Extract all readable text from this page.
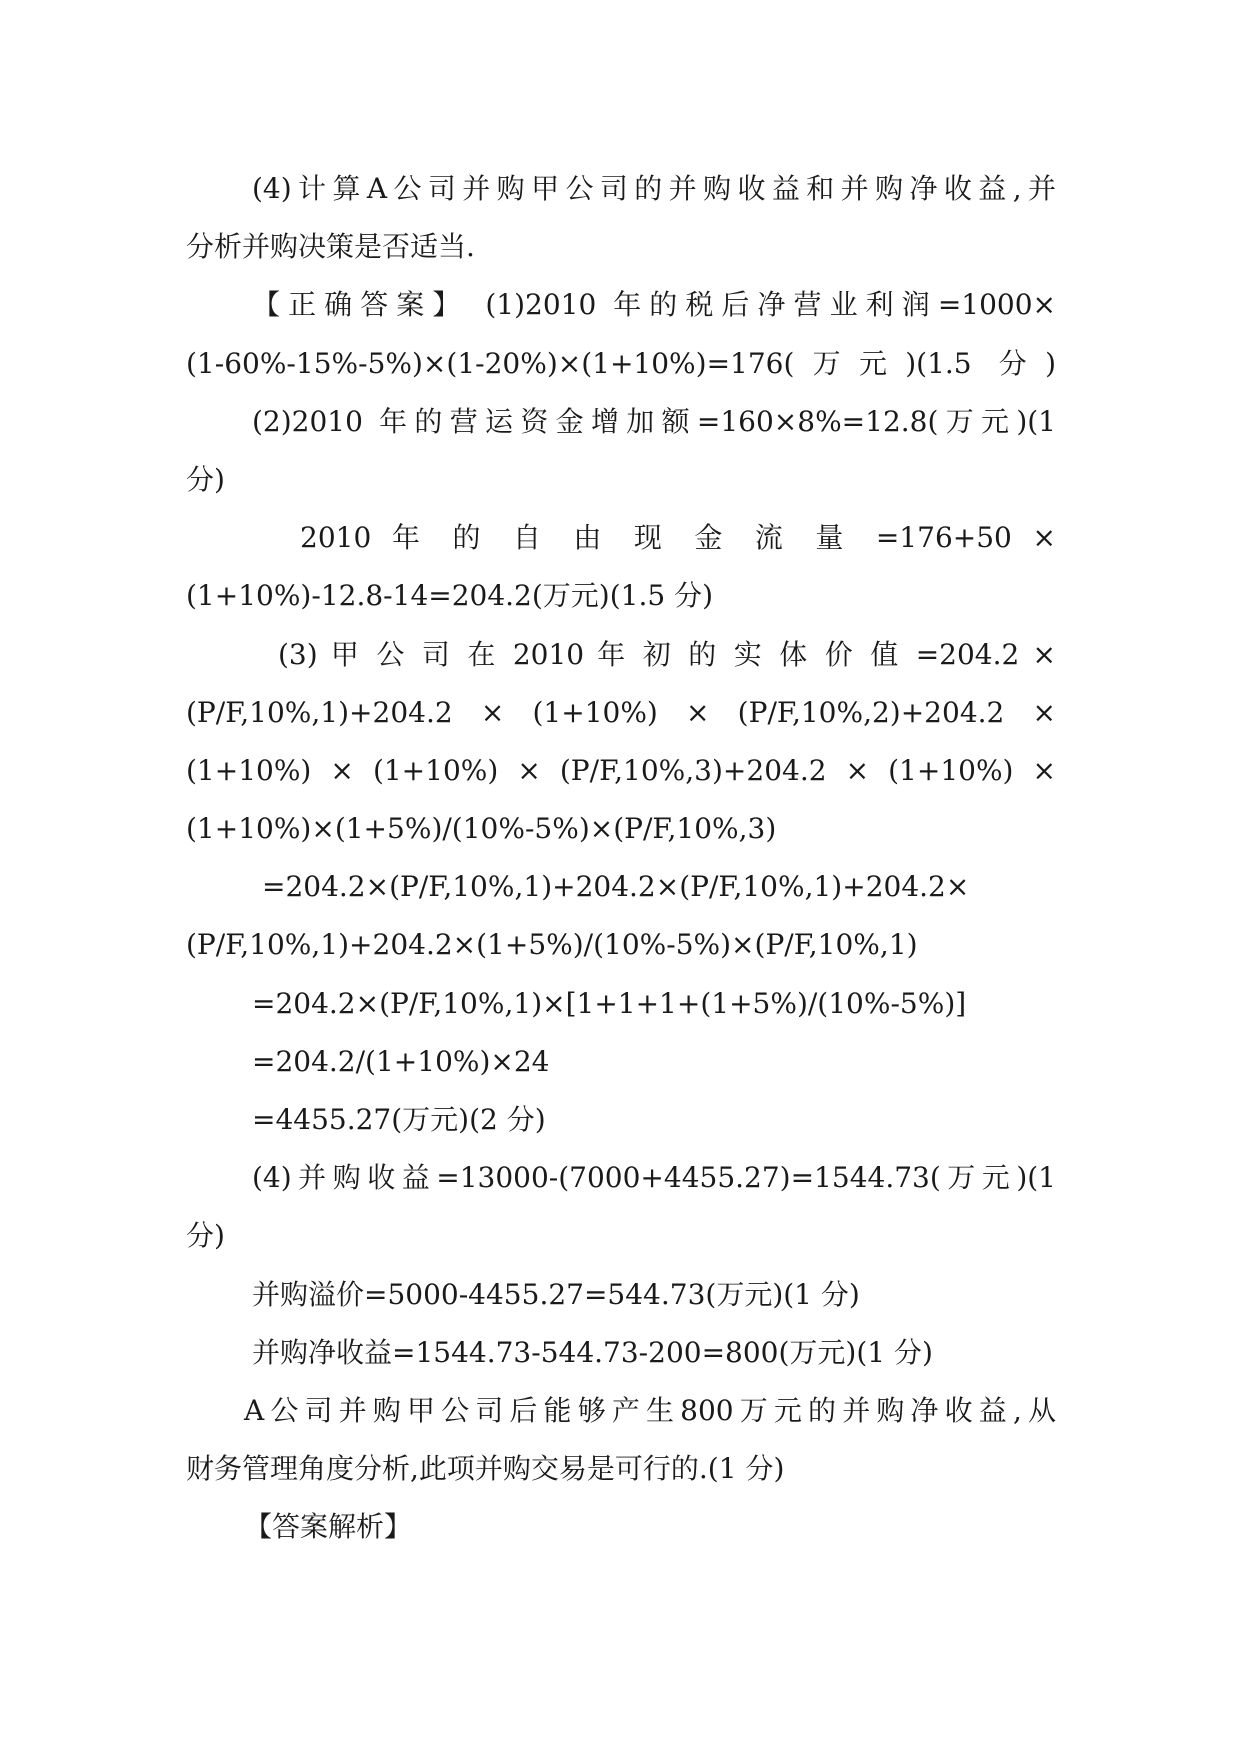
(4)计算A公司并购甲公司的并购收益和并购净收益,并
分析并购决策是否适当.
【正确答案】 (1)2010 年的税后净营业利润=1000×
(1-60%-15%-5%)×(1-20%)×(1+10%)=176(万元)(1.5 分)
(2)2010 年的营运资金增加额=160×8%=12.8(万元)(1
分)
2010 年 的 自 由 现 金 流 量 =176+50 ×
(1+10%)-12.8-14=204.2(万元)(1.5 分)
(3) 甲 公 司 在 2010 年 初 的 实 体 价 值 =204.2 ×
(P/F,10%,1)+204.2 × (1+10%) × (P/F,10%,2)+204.2 ×
(1+10%) × (1+10%) × (P/F,10%,3)+204.2 × (1+10%) ×
(1+10%)×(1+5%)/(10%-5%)×(P/F,10%,3)
=204.2×(P/F,10%,1)+204.2×(P/F,10%,1)+204.2×
(P/F,10%,1)+204.2×(1+5%)/(10%-5%)×(P/F,10%,1)
=204.2×(P/F,10%,1)×[1+1+1+(1+5%)/(10%-5%)]
=204.2/(1+10%)×24
=4455.27(万元)(2 分)
(4)并购收益=13000-(7000+4455.27)=1544.73(万元)(1
分)
并购溢价=5000-4455.27=544.73(万元)(1 分)
并购净收益=1544.73-544.73-200=800(万元)(1 分)
A公司并购甲公司后能够产生800万元的并购净收益,从
财务管理角度分析,此项并购交易是可行的.(1 分)
【答案解析】
